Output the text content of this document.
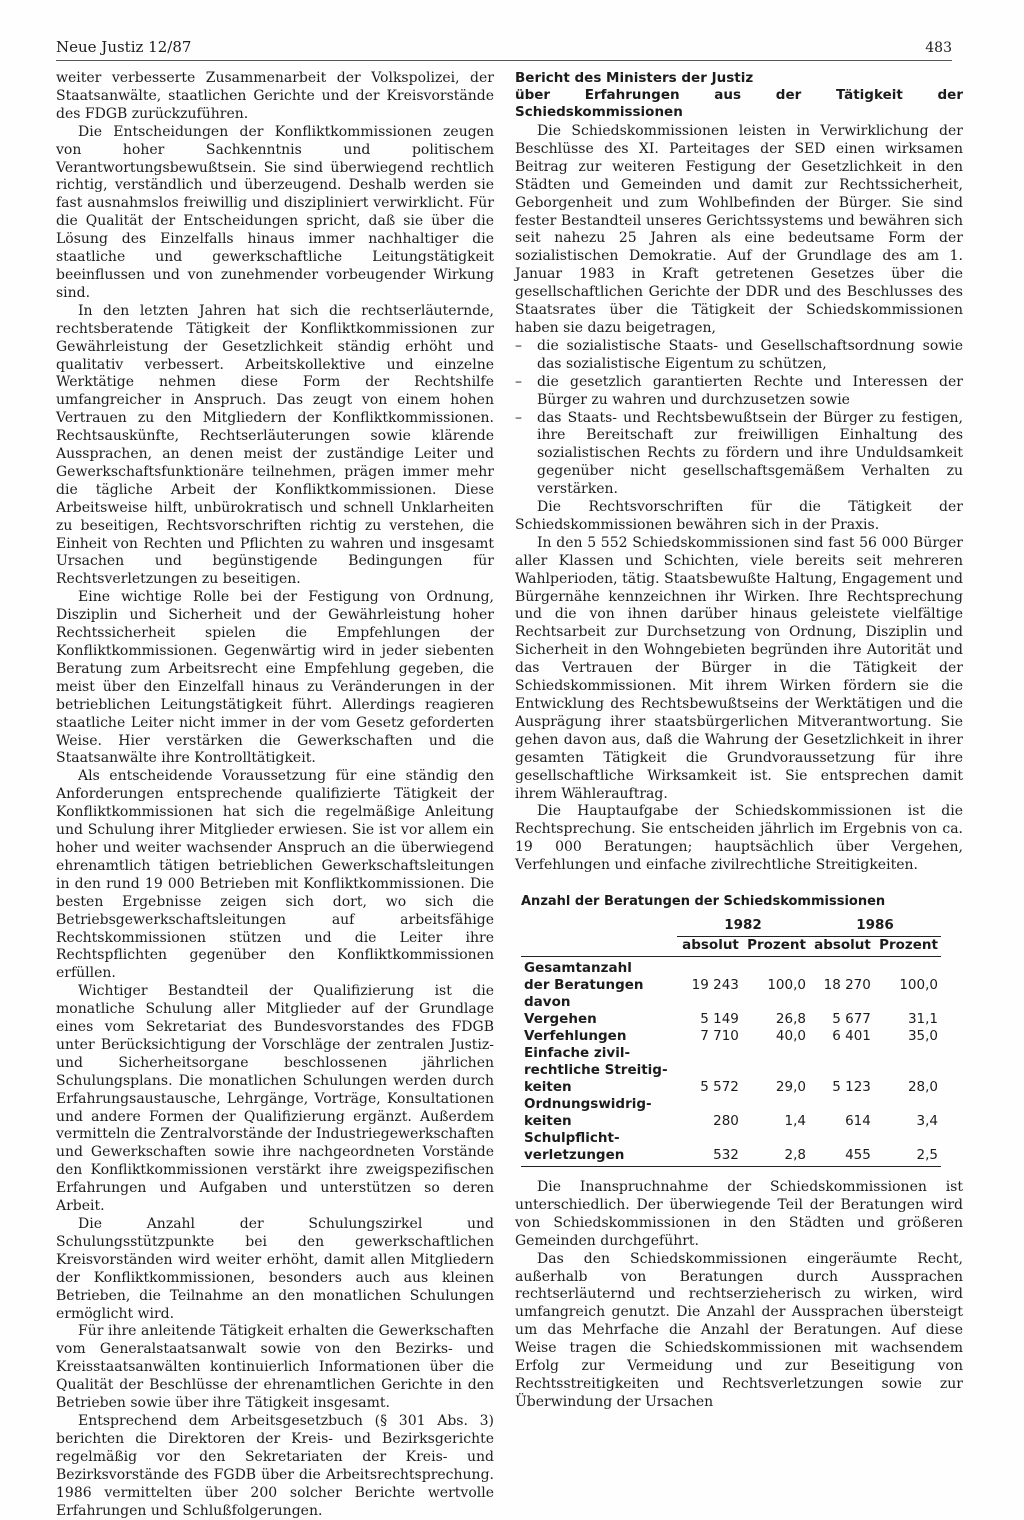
Neue Justiz 12/87	483

weiter verbesserte Zusammenarbeit der Volkspolizei, der Staatsanwälte, staatlichen Gerichte und der Kreisvorstände des FDGB zurückzuführen.

Die Entscheidungen der Konfliktkommissionen zeugen von hoher Sachkenntnis und politischem Verantwortungsbewußtsein. Sie sind überwiegend rechtlich richtig, verständlich und überzeugend. Deshalb werden sie fast ausnahmslos freiwillig und diszipliniert verwirklicht. Für die Qualität der Entscheidungen spricht, daß sie über die Lösung des Einzelfalls hinaus immer nachhaltiger die staatliche und gewerkschaftliche Leitungstätigkeit beeinflussen und von zunehmender vorbeugender Wirkung sind.

In den letzten Jahren hat sich die rechtserläuternde, rechtsberatende Tätigkeit der Konfliktkommissionen zur Gewährleistung der Gesetzlichkeit ständig erhöht und qualitativ verbessert. Arbeitskollektive und einzelne Werktätige nehmen diese Form der Rechtshilfe umfangreicher in Anspruch. Das zeugt von einem hohen Vertrauen zu den Mitgliedern der Konfliktkommissionen. Rechtsauskünfte, Rechtserläuterungen sowie klärende Aussprachen, an denen meist der zuständige Leiter und Gewerkschaftsfunktionäre teilnehmen, prägen immer mehr die tägliche Arbeit der Konfliktkommissionen. Diese Arbeitsweise hilft, unbürokratisch und schnell Unklarheiten zu beseitigen, Rechtsvorschriften richtig zu verstehen, die Einheit von Rechten und Pflichten zu wahren und insgesamt Ursachen und begünstigende Bedingungen für Rechtsverletzungen zu beseitigen.

Eine wichtige Rolle bei der Festigung von Ordnung, Disziplin und Sicherheit und der Gewährleistung hoher Rechtssicherheit spielen die Empfehlungen der Konfliktkommissionen. Gegenwärtig wird in jeder siebenten Beratung zum Arbeitsrecht eine Empfehlung gegeben, die meist über den Einzelfall hinaus zu Veränderungen in der betrieblichen Leitungstätigkeit führt. Allerdings reagieren staatliche Leiter nicht immer in der vom Gesetz geforderten Weise. Hier verstärken die Gewerkschaften und die Staatsanwälte ihre Kontrolltätigkeit.

Als entscheidende Voraussetzung für eine ständig den Anforderungen entsprechende qualifizierte Tätigkeit der Konfliktkommissionen hat sich die regelmäßige Anleitung und Schulung ihrer Mitglieder erwiesen. Sie ist vor allem ein hoher und weiter wachsender Anspruch an die überwiegend ehrenamtlich tätigen betrieblichen Gewerkschaftsleitungen in den rund 19 000 Betrieben mit Konfliktkommissionen. Die besten Ergebnisse zeigen sich dort, wo sich die Betriebsgewerkschaftsleitungen auf arbeitsfähige Rechtskommissionen stützen und die Leiter ihre Rechtspflichten gegenüber den Konfliktkommissionen erfüllen.

Wichtiger Bestandteil der Qualifizierung ist die monatliche Schulung aller Mitglieder auf der Grundlage eines vom Sekretariat des Bundesvorstandes des FDGB unter Berücksichtigung der Vorschläge der zentralen Justiz- und Sicherheitsorgane beschlossenen jährlichen Schulungsplans. Die monatlichen Schulungen werden durch Erfahrungsaustausche, Lehrgänge, Vorträge, Konsultationen und andere Formen der Qualifizierung ergänzt. Außerdem vermitteln die Zentralvorstände der Industriegewerkschaften und Gewerkschaften sowie ihre nachgeordneten Vorstände den Konfliktkommissionen verstärkt ihre zweigspezifischen Erfahrungen und Aufgaben und unterstützen so deren Arbeit.

Die Anzahl der Schulungszirkel und Schulungsstützpunkte bei den gewerkschaftlichen Kreisvorständen wird weiter erhöht, damit allen Mitgliedern der Konfliktkommissionen, besonders auch aus kleinen Betrieben, die Teilnahme an den monatlichen Schulungen ermöglicht wird.

Für ihre anleitende Tätigkeit erhalten die Gewerkschaften vom Generalstaatsanwalt sowie von den Bezirks- und Kreisstaatsanwälten kontinuierlich Informationen über die Qualität der Beschlüsse der ehrenamtlichen Gerichte in den Betrieben sowie über ihre Tätigkeit insgesamt.

Entsprechend dem Arbeitsgesetzbuch (§ 301 Abs. 3) berichten die Direktoren der Kreis- und Bezirksgerichte regelmäßig vor den Sekretariaten der Kreis- und Bezirksvorstände des FGDB über die Arbeitsrechtsprechung. 1986 vermittelten über 200 solcher Berichte wertvolle Erfahrungen und Schlußfolgerungen.

Bericht des Ministers der Justiz
über Erfahrungen aus der Tätigkeit der Schiedskommissionen

Die Schiedskommissionen leisten in Verwirklichung der Beschlüsse des XI. Parteitages der SED einen wirksamen Beitrag zur weiteren Festigung der Gesetzlichkeit in den Städten und Gemeinden und damit zur Rechtssicherheit, Geborgenheit und zum Wohlbefinden der Bürger. Sie sind fester Bestandteil unseres Gerichtssystems und bewähren sich seit nahezu 25 Jahren als eine bedeutsame Form der sozialistischen Demokratie. Auf der Grundlage des am 1. Januar 1983 in Kraft getretenen Gesetzes über die gesellschaftlichen Gerichte der DDR und des Beschlusses des Staatsrates über die Tätigkeit der Schiedskommissionen haben sie dazu beigetragen,

– die sozialistische Staats- und Gesellschaftsordnung sowie das sozialistische Eigentum zu schützen,
– die gesetzlich garantierten Rechte und Interessen der Bürger zu wahren und durchzusetzen sowie
– das Staats- und Rechtsbewußtsein der Bürger zu festigen, ihre Bereitschaft zur freiwilligen Einhaltung des sozialistischen Rechts zu fördern und ihre Unduldsamkeit gegenüber nicht gesellschaftsgemäßem Verhalten zu verstärken.

Die Rechtsvorschriften für die Tätigkeit der Schiedskommissionen bewähren sich in der Praxis.

In den 5 552 Schiedskommissionen sind fast 56 000 Bürger aller Klassen und Schichten, viele bereits seit mehreren Wahlperioden, tätig. Staatsbewußte Haltung, Engagement und Bürgernähe kennzeichnen ihr Wirken. Ihre Rechtsprechung und die von ihnen darüber hinaus geleistete vielfältige Rechtsarbeit zur Durchsetzung von Ordnung, Disziplin und Sicherheit in den Wohngebieten begründen ihre Autorität und das Vertrauen der Bürger in die Tätigkeit der Schiedskommissionen. Mit ihrem Wirken fördern sie die Entwicklung des Rechtsbewußtseins der Werktätigen und die Ausprägung ihrer staatsbürgerlichen Mitverantwortung. Sie gehen davon aus, daß die Wahrung der Gesetzlichkeit in ihrer gesamten Tätigkeit die Grundvoraussetzung für ihre gesellschaftliche Wirksamkeit ist. Sie entsprechen damit ihrem Wählerauftrag.

Die Hauptaufgabe der Schiedskommissionen ist die Rechtsprechung. Sie entscheiden jährlich im Ergebnis von ca. 19 000 Beratungen; hauptsächlich über Vergehen, Verfehlungen und einfache zivilrechtliche Streitigkeiten.

Anzahl der Beratungen der Schiedskommissionen
	1982		1986	
	absolut	Prozent	absolut	Prozent

Gesamtanzahl
der Beratungen	19 243	100,0	18 270	100,0

davon
Vergehen	5 149	26,8	5 677	31,1

Verfehlungen	7 710	40,0	6 401	35,0

Einfache zivil-
rechtliche Streitig-
keiten	5 572	29,0	5 123	28,0

Ordnungswidrig-
keiten	280	1,4	614	3,4

Schulpflicht-
verletzungen	532	2,8	455	2,5

Die Inanspruchnahme der Schiedskommissionen ist unterschiedlich. Der überwiegende Teil der Beratungen wird von Schiedskommissionen in den Städten und größeren Gemeinden durchgeführt.

Das den Schiedskommissionen eingeräumte Recht, außerhalb von Beratungen durch Aussprachen rechtserläuternd und rechtserzieherisch zu wirken, wird umfangreich genutzt. Die Anzahl der Aussprachen übersteigt um das Mehrfache die Anzahl der Beratungen. Auf diese Weise tragen die Schiedskommissionen mit wachsendem Erfolg zur Vermeidung und zur Beseitigung von Rechtsstreitigkeiten und Rechtsverletzungen sowie zur Überwindung der Ursachen
